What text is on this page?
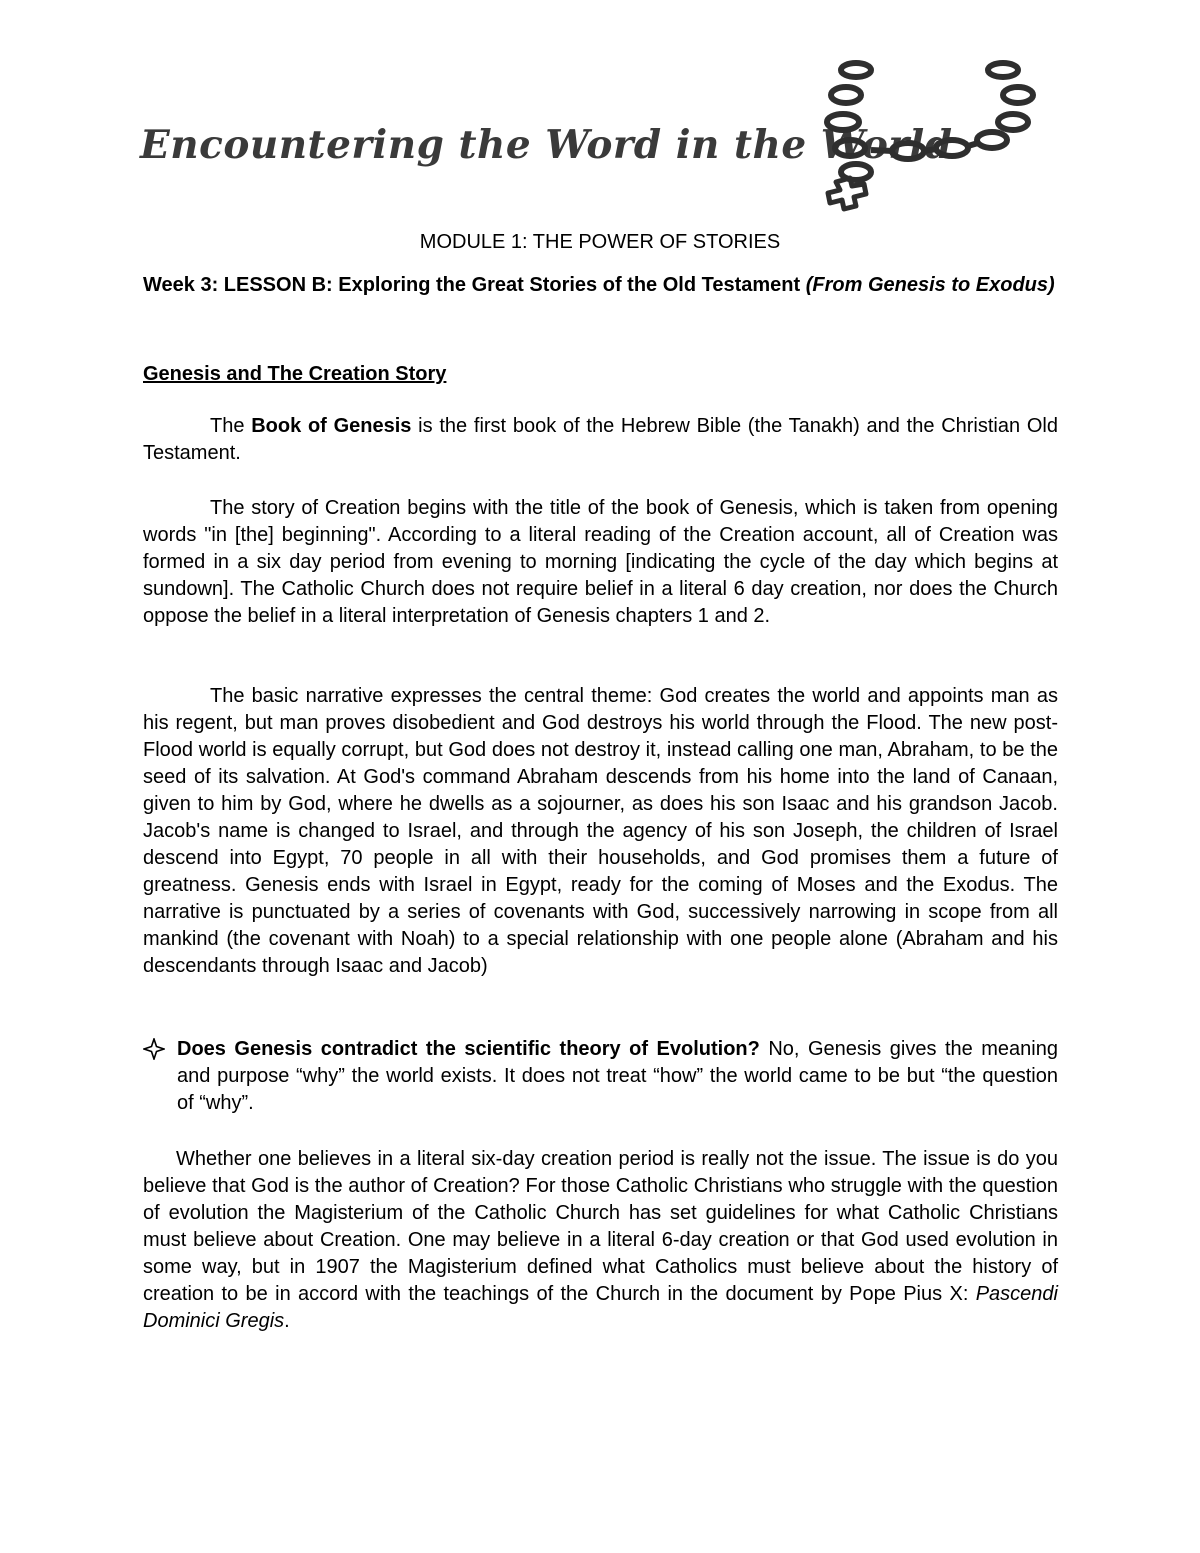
Encountering the Word in the World
MODULE 1: THE POWER OF STORIES
Week 3: LESSON B: Exploring the Great Stories of the Old Testament (From Genesis to Exodus)
Genesis and The Creation Story
The Book of Genesis is the first book of the Hebrew Bible (the Tanakh) and the Christian Old Testament.
The story of Creation begins with the title of the book of Genesis, which is taken from opening words "in [the] beginning". According to a literal reading of the Creation account, all of Creation was formed in a six day period from evening to morning [indicating the cycle of the day which begins at sundown]. The Catholic Church does not require belief in a literal 6 day creation, nor does the Church oppose the belief in a literal interpretation of Genesis chapters 1 and 2.
The basic narrative expresses the central theme: God creates the world and appoints man as his regent, but man proves disobedient and God destroys his world through the Flood. The new post-Flood world is equally corrupt, but God does not destroy it, instead calling one man, Abraham, to be the seed of its salvation. At God's command Abraham descends from his home into the land of Canaan, given to him by God, where he dwells as a sojourner, as does his son Isaac and his grandson Jacob. Jacob's name is changed to Israel, and through the agency of his son Joseph, the children of Israel descend into Egypt, 70 people in all with their households, and God promises them a future of greatness. Genesis ends with Israel in Egypt, ready for the coming of Moses and the Exodus. The narrative is punctuated by a series of covenants with God, successively narrowing in scope from all mankind (the covenant with Noah) to a special relationship with one people alone (Abraham and his descendants through Isaac and Jacob)
Does Genesis contradict the scientific theory of Evolution? No, Genesis gives the meaning and purpose “why” the world exists. It does not treat “how” the world came to be but “the question of “why”.
Whether one believes in a literal six-day creation period is really not the issue. The issue is do you believe that God is the author of Creation? For those Catholic Christians who struggle with the question of evolution the Magisterium of the Catholic Church has set guidelines for what Catholic Christians must believe about Creation. One may believe in a literal 6-day creation or that God used evolution in some way, but in 1907 the Magisterium defined what Catholics must believe about the history of creation to be in accord with the teachings of the Church in the document by Pope Pius X: Pascendi Dominici Gregis.
